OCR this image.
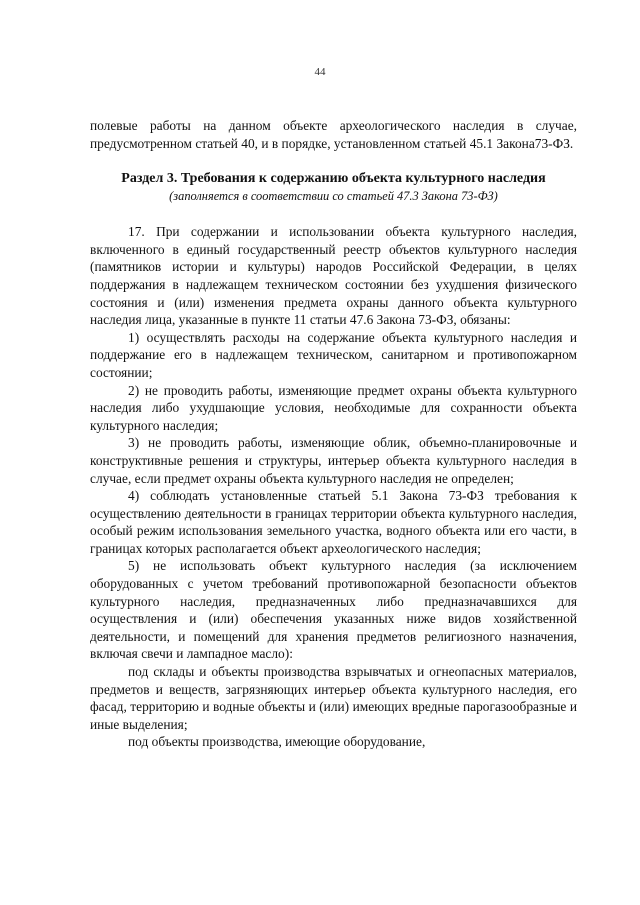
44

полевые работы на данном объекте археологического наследия в случае, предусмотренном статьей 40, и в порядке, установленном статьей 45.1 Закона73-ФЗ.

Раздел 3. Требования к содержанию объекта культурного наследия

(заполняется в соответствии со статьей 47.3 Закона 73-ФЗ)

17. При содержании и использовании объекта культурного наследия, включенного в единый государственный реестр объектов культурного наследия (памятников истории и культуры) народов Российской Федерации, в целях поддержания в надлежащем техническом состоянии без ухудшения физического состояния и (или) изменения предмета охраны данного объекта культурного наследия лица, указанные в пункте 11 статьи 47.6 Закона 73-ФЗ, обязаны:

1) осуществлять расходы на содержание объекта культурного наследия и поддержание его в надлежащем техническом, санитарном и противопожарном состоянии;

2) не проводить работы, изменяющие предмет охраны объекта культурного наследия либо ухудшающие условия, необходимые для сохранности объекта культурного наследия;

3) не проводить работы, изменяющие облик, объемно-планировочные и конструктивные решения и структуры, интерьер объекта культурного наследия в случае, если предмет охраны объекта культурного наследия не определен;

4) соблюдать установленные статьей 5.1 Закона 73-ФЗ требования к осуществлению деятельности в границах территории объекта культурного наследия, особый режим использования земельного участка, водного объекта или его части, в границах которых располагается объект археологического наследия;

5) не использовать объект культурного наследия (за исключением оборудованных с учетом требований противопожарной безопасности объектов культурного наследия, предназначенных либо предназначавшихся для осуществления и (или) обеспечения указанных ниже видов хозяйственной деятельности, и помещений для хранения предметов религиозного назначения, включая свечи и лампадное масло):

под склады и объекты производства взрывчатых и огнеопасных материалов, предметов и веществ, загрязняющих интерьер объекта культурного наследия, его фасад, территорию и водные объекты и (или) имеющих вредные парогазообразные и иные выделения;

под объекты производства, имеющие оборудование,
